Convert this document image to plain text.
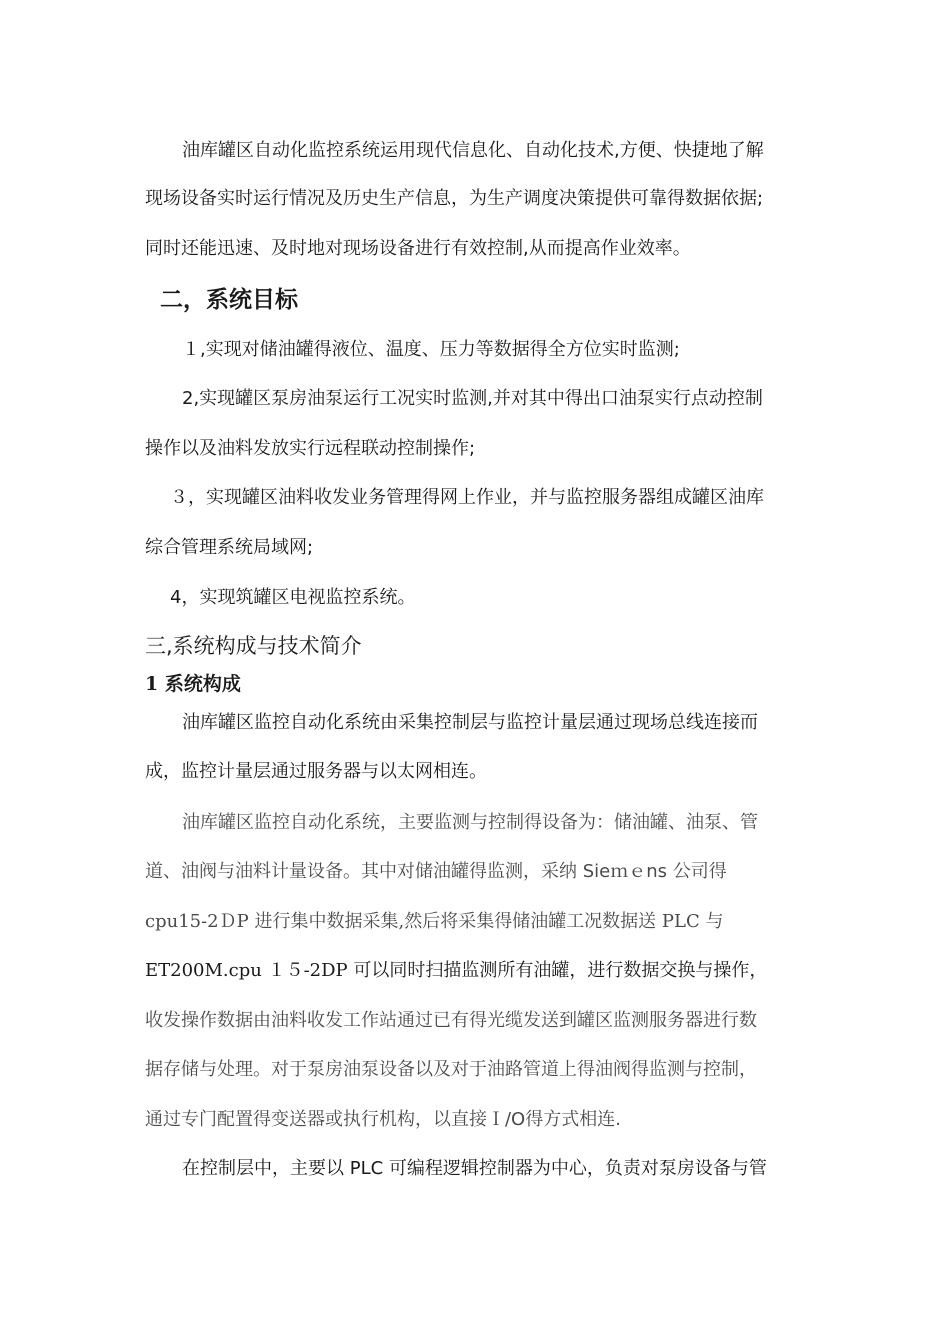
油库罐区自动化监控系统运用现代信息化、自动化技术,方便、快捷地了解
现场设备实时运行情况及历史生产信息，为生产调度决策提供可靠得数据依据;
同时还能迅速、及时地对现场设备进行有效控制,从而提高作业效率。
二，系统目标
１,实现对储油罐得液位、温度、压力等数据得全方位实时监测;
2,实现罐区泵房油泵运行工况实时监测,并对其中得出口油泵实行点动控制
操作以及油料发放实行远程联动控制操作;
３，实现罐区油料收发业务管理得网上作业，并与监控服务器组成罐区油库
综合管理系统局域网;
4，实现筑罐区电视监控系统。
三,系统构成与技术简介
1 系统构成
油库罐区监控自动化系统由采集控制层与监控计量层通过现场总线连接而
成，监控计量层通过服务器与以太网相连。
油库罐区监控自动化系统，主要监测与控制得设备为：储油罐、油泵、管
道、油阀与油料计量设备。其中对储油罐得监测，采纳 Sieｍｅns 公司得
cpu15-2ＤP 进行集中数据采集,然后将采集得储油罐工况数据送 PLC 与
ET200M.cpu １５-2DP 可以同时扫描监测所有油罐，进行数据交换与操作，
收发操作数据由油料收发工作站通过已有得光缆发送到罐区监测服务器进行数
据存储与处理。对于泵房油泵设备以及对于油路管道上得油阀得监测与控制，
通过专门配置得变送器或执行机构，以直接Ｉ/O得方式相连.
在控制层中，主要以 PLC 可编程逻辑控制器为中心，负责对泵房设备与管
